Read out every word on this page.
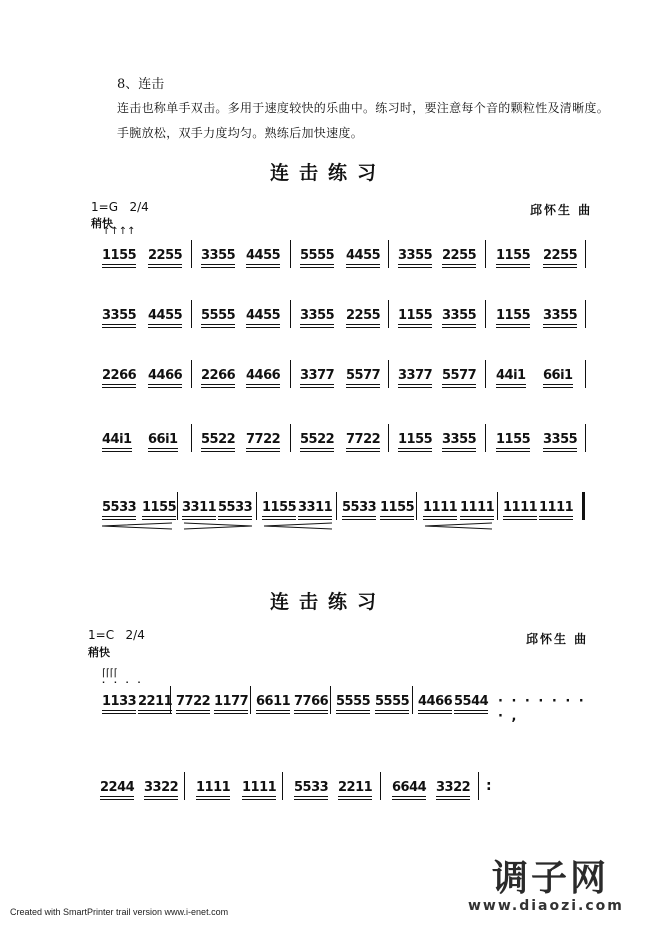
8、连击
连击也称单手双击。多用于速度较快的乐曲中。练习时，要注意每个音的颗粒性及清晰度。
手腕放松，双手力度均匀。熟练后加快速度。
连击练习
1=G 2/4
稍快
邱怀生 曲
↑↑↑↑
1155 2255 3355 4455 5555 4455 3355 2255 1155 2255
3355 4455 5555 4455 3355 2255 1155 3355 1155 3355
2266 4466 2266 4466 3377 5577 3377 5577 44i1 66i1
44i1 66i1 5522 7722 5522 7722 1155 3355 1155 3355
5533 1155 3311 5533 1155 3311 5533 1155 1111 1111 1111 1111
连击练习
1=C 2/4
稍快
邱怀生 曲
⌈⌈⌈⌈
· · · ·
1133 2211 7722 1177 6611 7766 5555 5555 4466 5544 · · · · · · · · ,
2244 3322 1111 1111 5533 2211 6644 3322 :
调子网
www.diaozi.com
Created with SmartPrinter trail version www.i-enet.com
